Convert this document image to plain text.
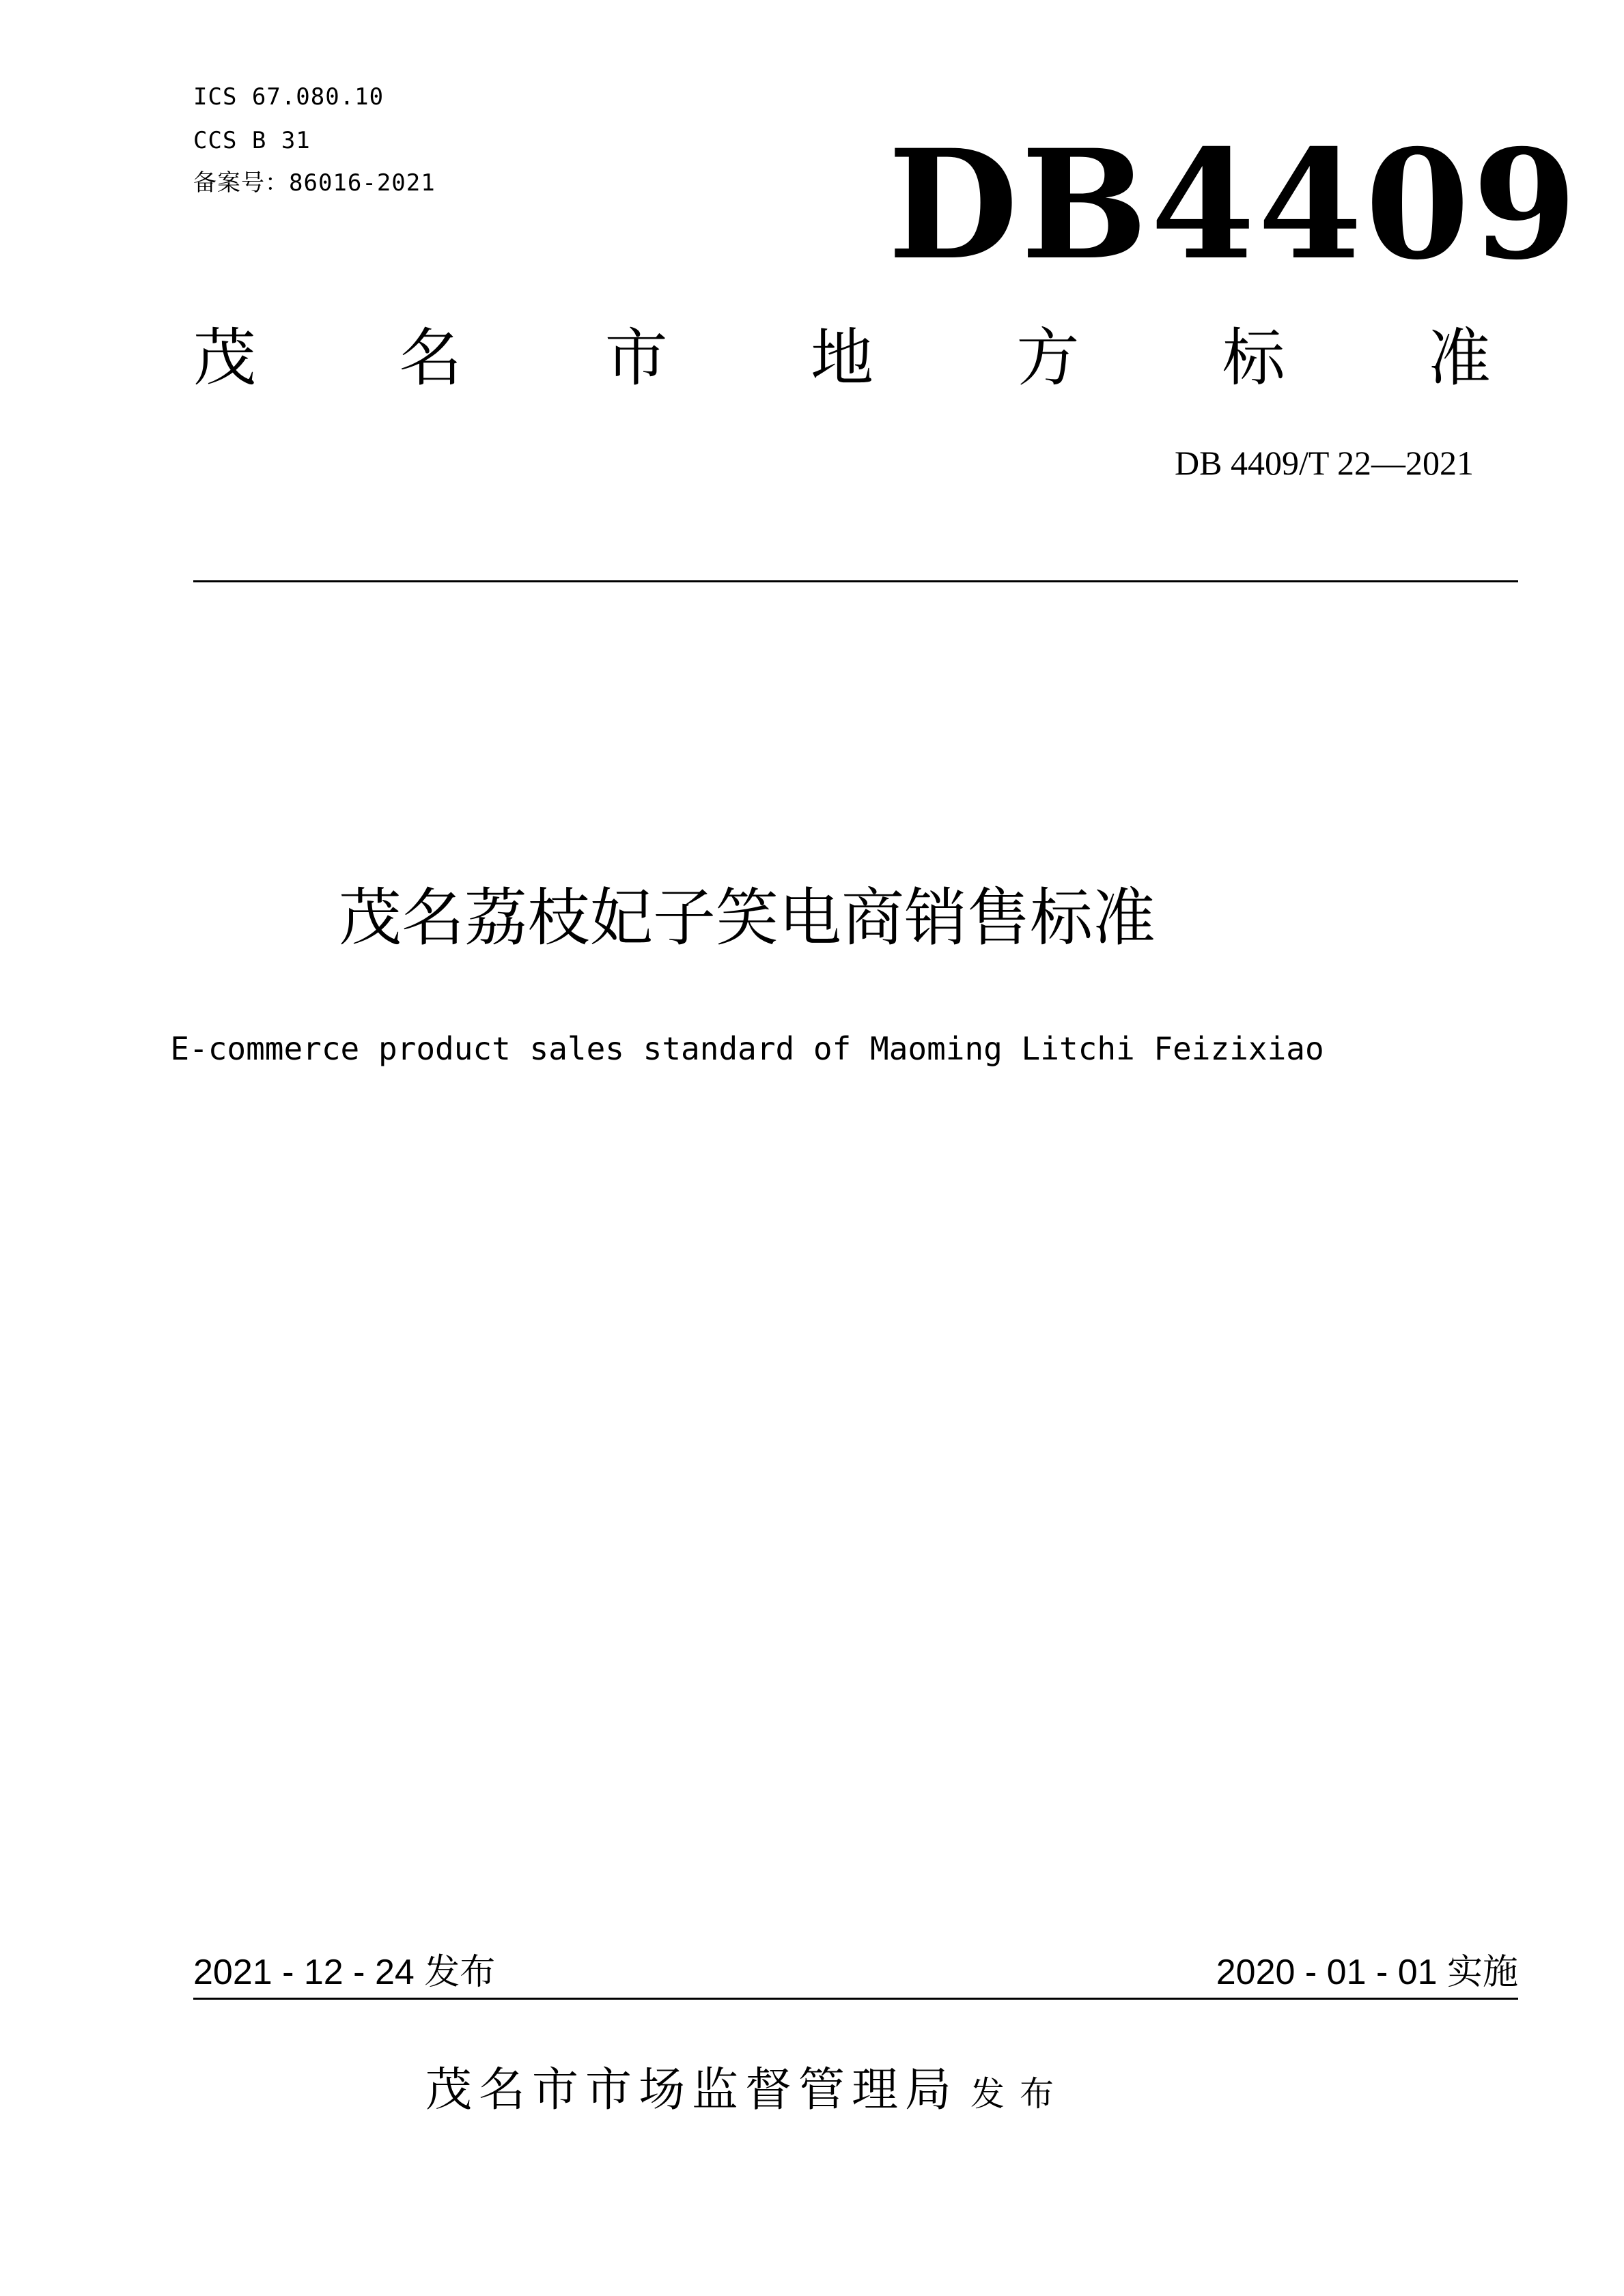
ICS 67.080.10
CCS B 31
备案号：86016-2021	DB4409
茂 名 市 地 方 标 准
DB 4409/T 22—2021
茂名荔枝妃子笑电商销售标准
E-commerce product sales standard of Maoming Litchi Feizixiao
2021 - 12 - 24 发布	2020 - 01 - 01 实施
茂名市市场监督管理局 发布
